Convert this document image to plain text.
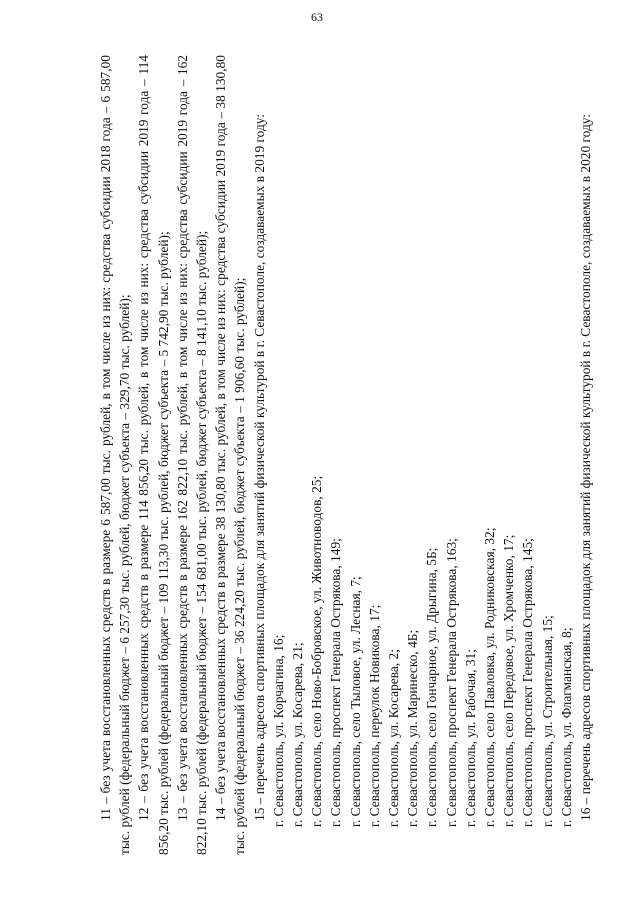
63

11 – без учета восстановленных средств в размере 6 587,00 тыс. рублей, в том числе из них: средства субсидии 2018 года – 6 587,00 тыс. рублей (федеральный бюджет – 6 257,30 тыс. рублей, бюджет субъекта – 329,70 тыс. рублей); 12 – без учета восстановленных средств в размере 114 856,20 тыс. рублей, в том числе из них: средства субсидии 2019 года – 114 856,20 тыс. рублей (федеральный бюджет – 109 113,30 тыс. рублей, бюджет субъекта – 5 742,90 тыс. рублей); 13 – без учета восстановленных средств в размере 162 822,10 тыс. рублей, в том числе из них: средства субсидии 2019 года – 162 822,10 тыс. рублей (федеральный бюджет – 154 681,00 тыс. рублей, бюджет субъекта – 8 141,10 тыс. рублей); 14 – без учета восстановленных средств в размере 38 130,80 тыс. рублей, в том числе из них: средства субсидии 2019 года – 38 130,80 тыс. рублей (федеральный бюджет – 36 224,20 тыс. рублей, бюджет субъекта – 1 906,60 тыс. рублей); 15 – перечень адресов спортивных площадок для занятий физической культурой в г. Севастополе, создаваемых в 2019 году: г. Севастополь, ул. Корчагина, 16; г. Севастополь, ул. Косарева, 21; г. Севастополь, село Ново-Бобровское, ул. Животноводов, 25; г. Севастополь, проспект Генерала Острякова, 149; г. Севастополь, село Тыловое, ул. Лесная, 7; г. Севастополь, переулок Новикова, 17; г. Севастополь, ул. Косарева, 2; г. Севастополь, ул. Маринеско, 4Б; г. Севастополь, село Гончарное, ул. Дрыгина, 5Б; г. Севастополь, проспект Генерала Острякова, 163; г. Севастополь, ул. Рабочая, 31; г. Севастополь, село Павловка, ул. Родниковская, 32; г. Севастополь, село Передовое, ул. Хромченко, 17; г. Севастополь, проспект Генерала Острякова, 145; г. Севастополь, ул. Строительная, 15; г. Севастополь, ул. Флагманская, 8; 16 – перечень адресов спортивных площадок для занятий физической культурой в г. Севастополе, создаваемых в 2020 году:
